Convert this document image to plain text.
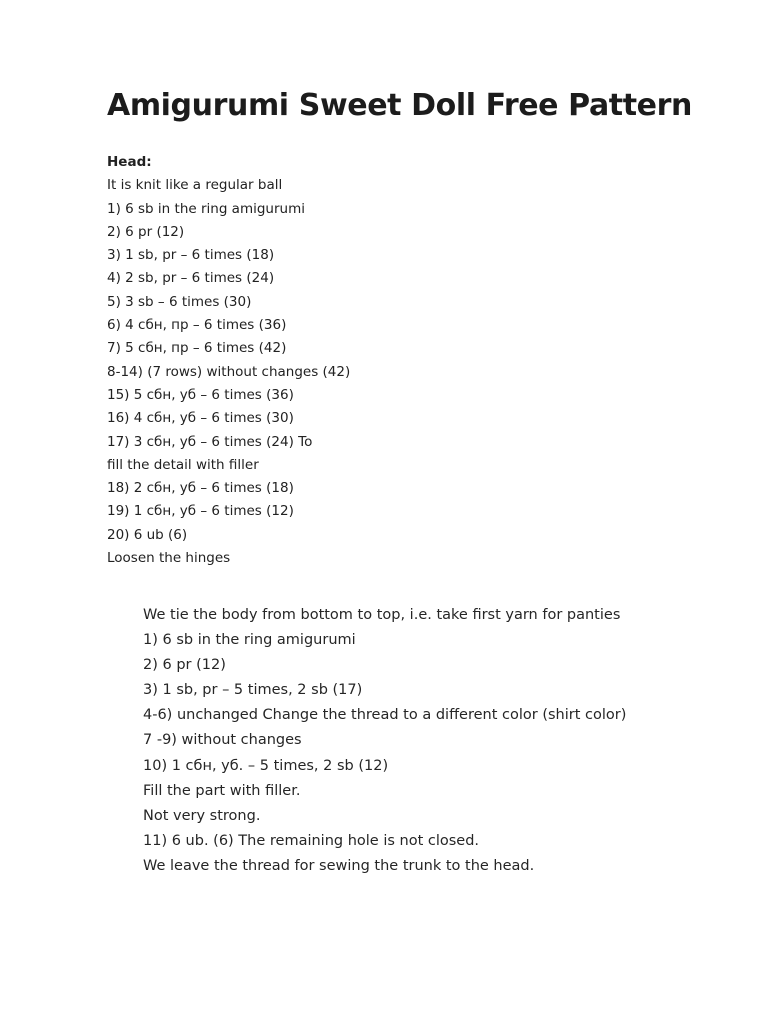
Amigurumi Sweet Doll Free Pattern
Head:
It is knit like a regular ball
1) 6 sb in the ring amigurumi
2) 6 pr (12)
3) 1 sb, pr – 6 times (18)
4) 2 sb, pr – 6 times (24)
5) 3 sb – 6 times (30)
6) 4 сбн, пр – 6 times (36)
7) 5 сбн, пр – 6 times (42)
8-14) (7 rows) without changes (42)
15) 5 сбн, уб – 6 times (36)
16) 4 сбн, уб – 6 times (30)
17) 3 сбн, уб – 6 times (24) To
fill the detail with filler
18) 2 сбн, уб – 6 times (18)
19) 1 сбн, уб – 6 times (12)
20) 6 ub (6)
Loosen the hinges
We tie the body from bottom to top, i.e. take first yarn for panties
1) 6 sb in the ring amigurumi
2) 6 pr (12)
3) 1 sb, pr – 5 times, 2 sb (17)
4-6) unchanged Change the thread to a different color (shirt color)
7 -9) without changes
10) 1 сбн, уб. – 5 times, 2 sb (12)
Fill the part with filler.
Not very strong.
11) 6 ub. (6) The remaining hole is not closed.
We leave the thread for sewing the trunk to the head.
